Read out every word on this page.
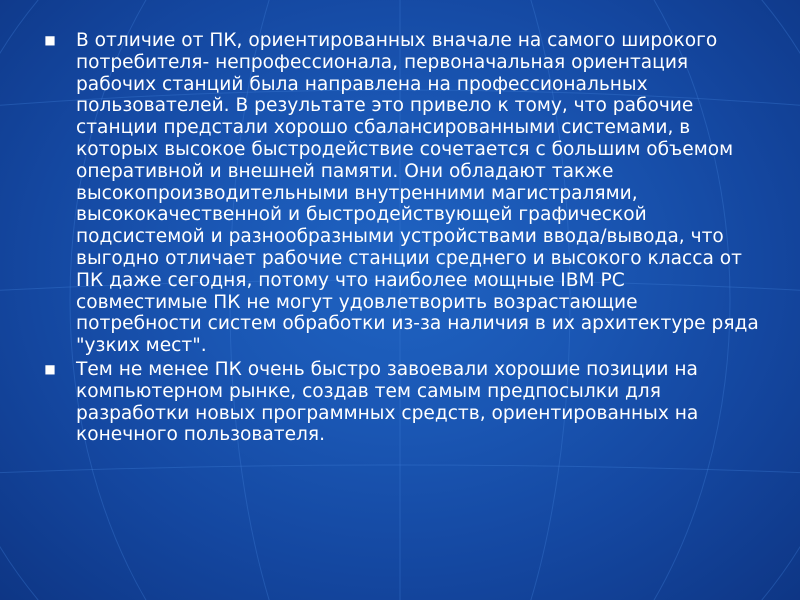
■ В отличие от ПК, ориентированных вначале на самого широкого потребителя- непрофессионала, первоначальная ориентация рабочих станций была направлена на профессиональных пользователей. В результате это привело к тому, что рабочие станции предстали хорошо сбалансированными системами, в которых высокое быстродействие сочетается с большим объемом оперативной и внешней памяти. Они обладают также высокопроизводительными внутренними магистралями, высококачественной и быстродействующей графической подсистемой и разнообразными устройствами ввода/вывода, что выгодно отличает рабочие станции среднего и высокого класса от ПК даже сегодня, потому что наиболее мощные IBM PC совместимые ПК не могут удовлетворить возрастающие потребности систем обработки из-за наличия в их архитектуре ряда "узких мест".
■ Тем не менее ПК очень быстро завоевали хорошие позиции на компьютерном рынке, создав тем самым предпосылки для разработки новых программных средств, ориентированных на конечного пользователя.
